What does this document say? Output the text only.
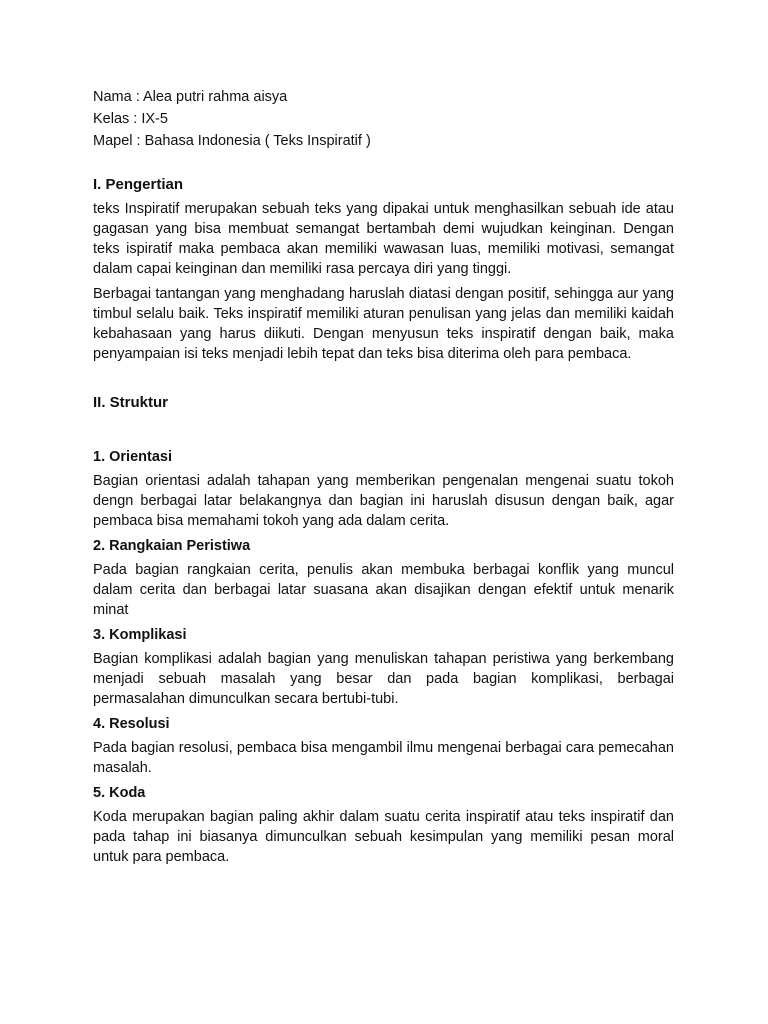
Nama : Alea putri rahma aisya
Kelas : IX-5
Mapel : Bahasa Indonesia ( Teks Inspiratif )
I. Pengertian

teks Inspiratif merupakan sebuah teks yang dipakai untuk menghasilkan sebuah ide atau gagasan yang bisa membuat semangat bertambah demi wujudkan keinginan. Dengan teks ispiratif maka pembaca akan memiliki wawasan luas, memiliki motivasi, semangat dalam capai keinginan dan memiliki rasa percaya diri yang tinggi.

Berbagai tantangan yang menghadang haruslah diatasi dengan positif, sehingga aur yang timbul selalu baik. Teks inspiratif memiliki aturan penulisan yang jelas dan memiliki kaidah kebahasaan yang harus diikuti. Dengan menyusun teks inspiratif dengan baik, maka penyampaian isi teks menjadi lebih tepat dan teks bisa diterima oleh para pembaca.

II. Struktur
1. Orientasi

Bagian orientasi adalah tahapan yang memberikan pengenalan mengenai suatu tokoh dengn berbagai latar belakangnya dan bagian ini haruslah disusun dengan baik, agar pembaca bisa memahami tokoh yang ada dalam cerita.

2. Rangkaian Peristiwa

Pada bagian rangkaian cerita, penulis akan membuka berbagai konflik yang muncul dalam cerita dan berbagai latar suasana akan disajikan dengan efektif untuk menarik minat

3. Komplikasi

Bagian komplikasi adalah bagian yang menuliskan tahapan peristiwa yang berkembang menjadi sebuah masalah yang besar dan pada bagian komplikasi, berbagai permasalahan dimunculkan secara bertubi-tubi.

4. Resolusi

Pada bagian resolusi, pembaca bisa mengambil ilmu mengenai berbagai cara pemecahan masalah.

5. Koda

Koda merupakan bagian paling akhir dalam suatu cerita inspiratif atau teks inspiratif dan pada tahap ini biasanya dimunculkan sebuah kesimpulan yang memiliki pesan moral untuk para pembaca.
